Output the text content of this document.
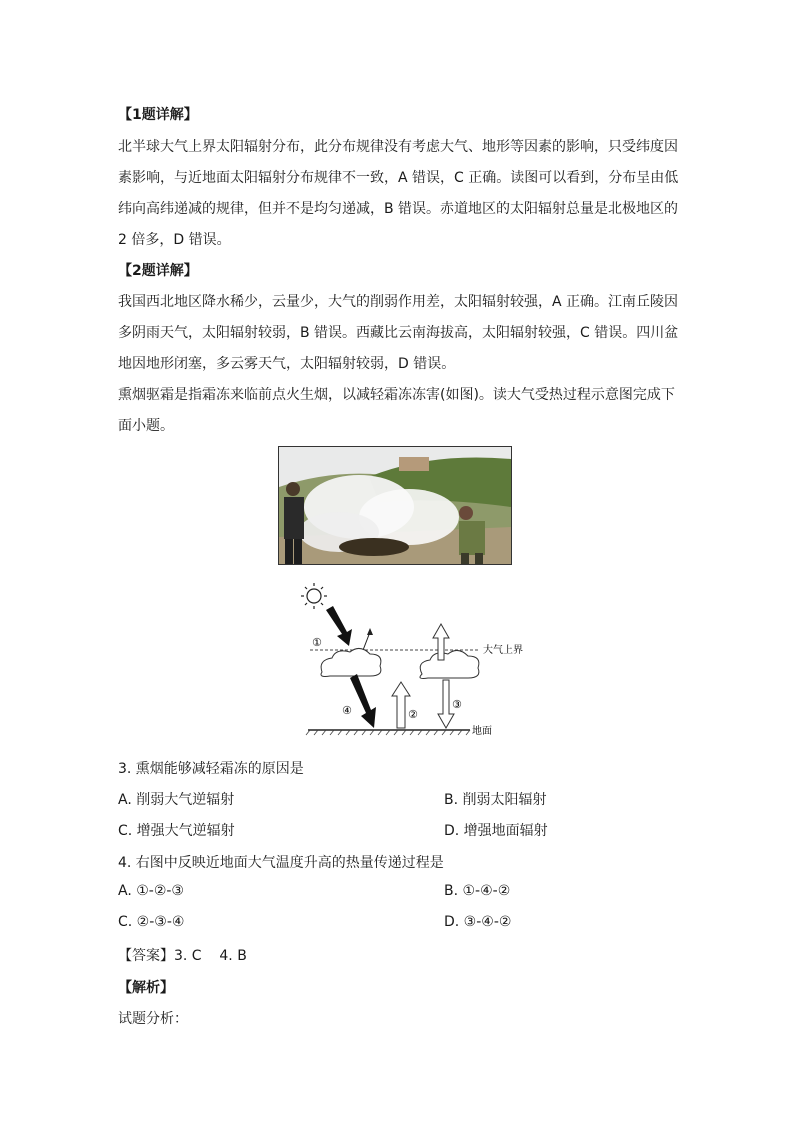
【1题详解】
北半球大气上界太阳辐射分布，此分布规律没有考虑大气、地形等因素的影响，只受纬度因
素影响，与近地面太阳辐射分布规律不一致，A 错误，C 正确。读图可以看到，分布呈由低
纬向高纬递减的规律，但并不是均匀递减，B 错误。赤道地区的太阳辐射总量是北极地区的
2 倍多，D 错误。
【2题详解】
我国西北地区降水稀少，云量少，大气的削弱作用差，太阳辐射较强，A 正确。江南丘陵因
多阴雨天气，太阳辐射较弱，B 错误。西藏比云南海拔高，太阳辐射较强，C 错误。四川盆
地因地形闭塞，多云雾天气，太阳辐射较弱，D 错误。
熏烟驱霜是指霜冻来临前点火生烟，以减轻霜冻冻害(如图)。读大气受热过程示意图完成下
面小题。
大气上界
地面
①
②
③
④
3. 熏烟能够减轻霜冻的原因是
A. 削弱大气逆辐射	B. 削弱太阳辐射
C. 增强大气逆辐射	D. 增强地面辐射
4. 右图中反映近地面大气温度升高的热量传递过程是
A. ①-②-③	B. ①-④-②
C. ②-③-④	D. ③-④-②
【答案】3. C    4. B
【解析】
试题分析：
